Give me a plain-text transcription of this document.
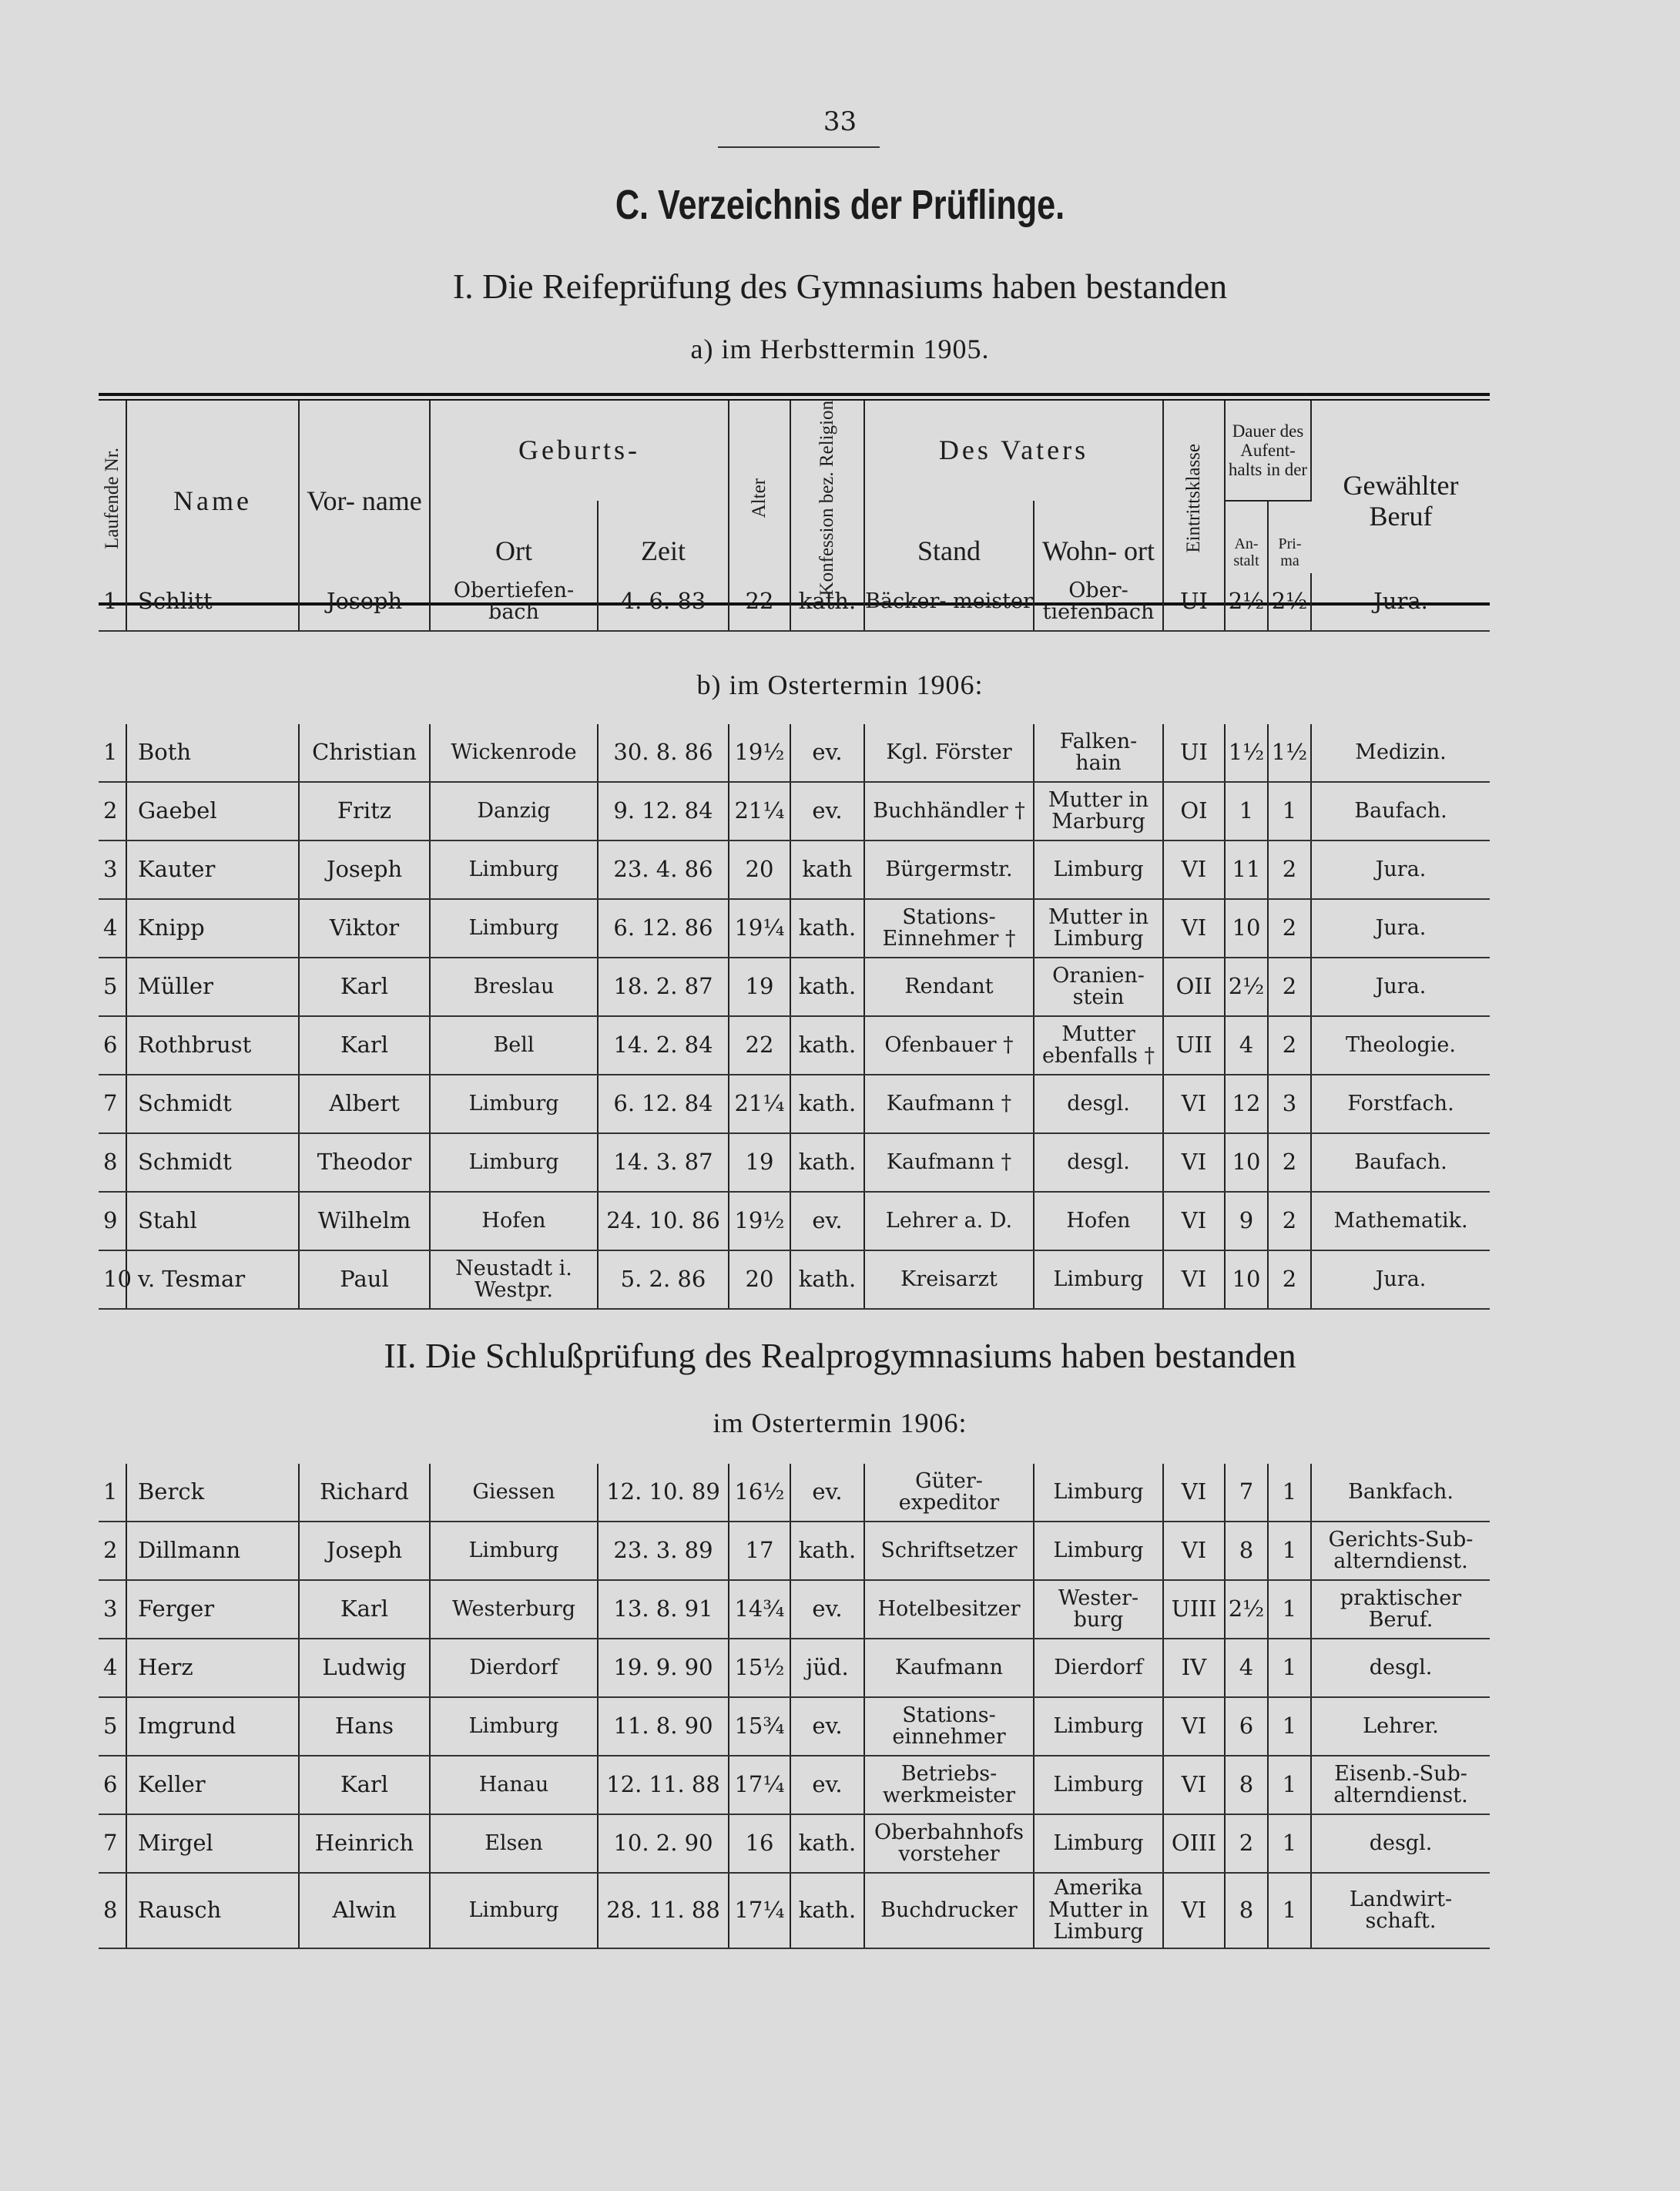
33
C. Verzeichnis der Prüflinge.
I. Die Reifeprüfung des Gymnasiums haben bestanden
a) im Herbsttermin 1905.
Laufende Nr.	Name	Vor- name	Geburts-		Alter	Konfession bez. Religion	Des Vaters		Eintrittsklasse	Dauer des Aufent- halts in der		Gewählter Beruf
			Ort	Zeit			Stand	Wohn- ort		An- stalt	Pri- ma	
1	Schlitt	Joseph	Obertiefen- bach	4. 6. 83	22	kath.	Bäcker- meister	Ober- tiefenbach	UI	2½	2½	Jura.
b) im Ostertermin 1906:
1	Both	Christian	Wickenrode	30. 8. 86	19½	ev.	Kgl. Förster	Falken- hain	UI	1½	1½	Medizin.
2	Gaebel	Fritz	Danzig	9. 12. 84	21¼	ev.	Buchhändler †	Mutter in Marburg	OI	1	1	Baufach.
3	Kauter	Joseph	Limburg	23. 4. 86	20	kath	Bürgermstr.	Limburg	VI	11	2	Jura.
4	Knipp	Viktor	Limburg	6. 12. 86	19¼	kath.	Stations- Einnehmer †	Mutter in Limburg	VI	10	2	Jura.
5	Müller	Karl	Breslau	18. 2. 87	19	kath.	Rendant	Oranien- stein	OII	2½	2	Jura.
6	Rothbrust	Karl	Bell	14. 2. 84	22	kath.	Ofenbauer †	Mutter ebenfalls †	UII	4	2	Theologie.
7	Schmidt	Albert	Limburg	6. 12. 84	21¼	kath.	Kaufmann †	desgl.	VI	12	3	Forstfach.
8	Schmidt	Theodor	Limburg	14. 3. 87	19	kath.	Kaufmann †	desgl.	VI	10	2	Baufach.
9	Stahl	Wilhelm	Hofen	24. 10. 86	19½	ev.	Lehrer a. D.	Hofen	VI	9	2	Mathematik.
10	v. Tesmar	Paul	Neustadt i. Westpr.	5. 2. 86	20	kath.	Kreisarzt	Limburg	VI	10	2	Jura.
II. Die Schlußprüfung des Realprogymnasiums haben bestanden
im Ostertermin 1906:
1	Berck	Richard	Giessen	12. 10. 89	16½	ev.	Güter- expeditor	Limburg	VI	7	1	Bankfach.
2	Dillmann	Joseph	Limburg	23. 3. 89	17	kath.	Schriftsetzer	Limburg	VI	8	1	Gerichts-Sub- alterndienst.
3	Ferger	Karl	Westerburg	13. 8. 91	14¾	ev.	Hotelbesitzer	Wester- burg	UIII	2½	1	praktischer Beruf.
4	Herz	Ludwig	Dierdorf	19. 9. 90	15½	jüd.	Kaufmann	Dierdorf	IV	4	1	desgl.
5	Imgrund	Hans	Limburg	11. 8. 90	15¾	ev.	Stations- einnehmer	Limburg	VI	6	1	Lehrer.
6	Keller	Karl	Hanau	12. 11. 88	17¼	ev.	Betriebs- werkmeister	Limburg	VI	8	1	Eisenb.-Sub- alterndienst.
7	Mirgel	Heinrich	Elsen	10. 2. 90	16	kath.	Oberbahnhofs vorsteher	Limburg	OIII	2	1	desgl.
8	Rausch	Alwin	Limburg	28. 11. 88	17¼	kath.	Buchdrucker	Amerika Mutter in Limburg	VI	8	1	Landwirt- schaft.
